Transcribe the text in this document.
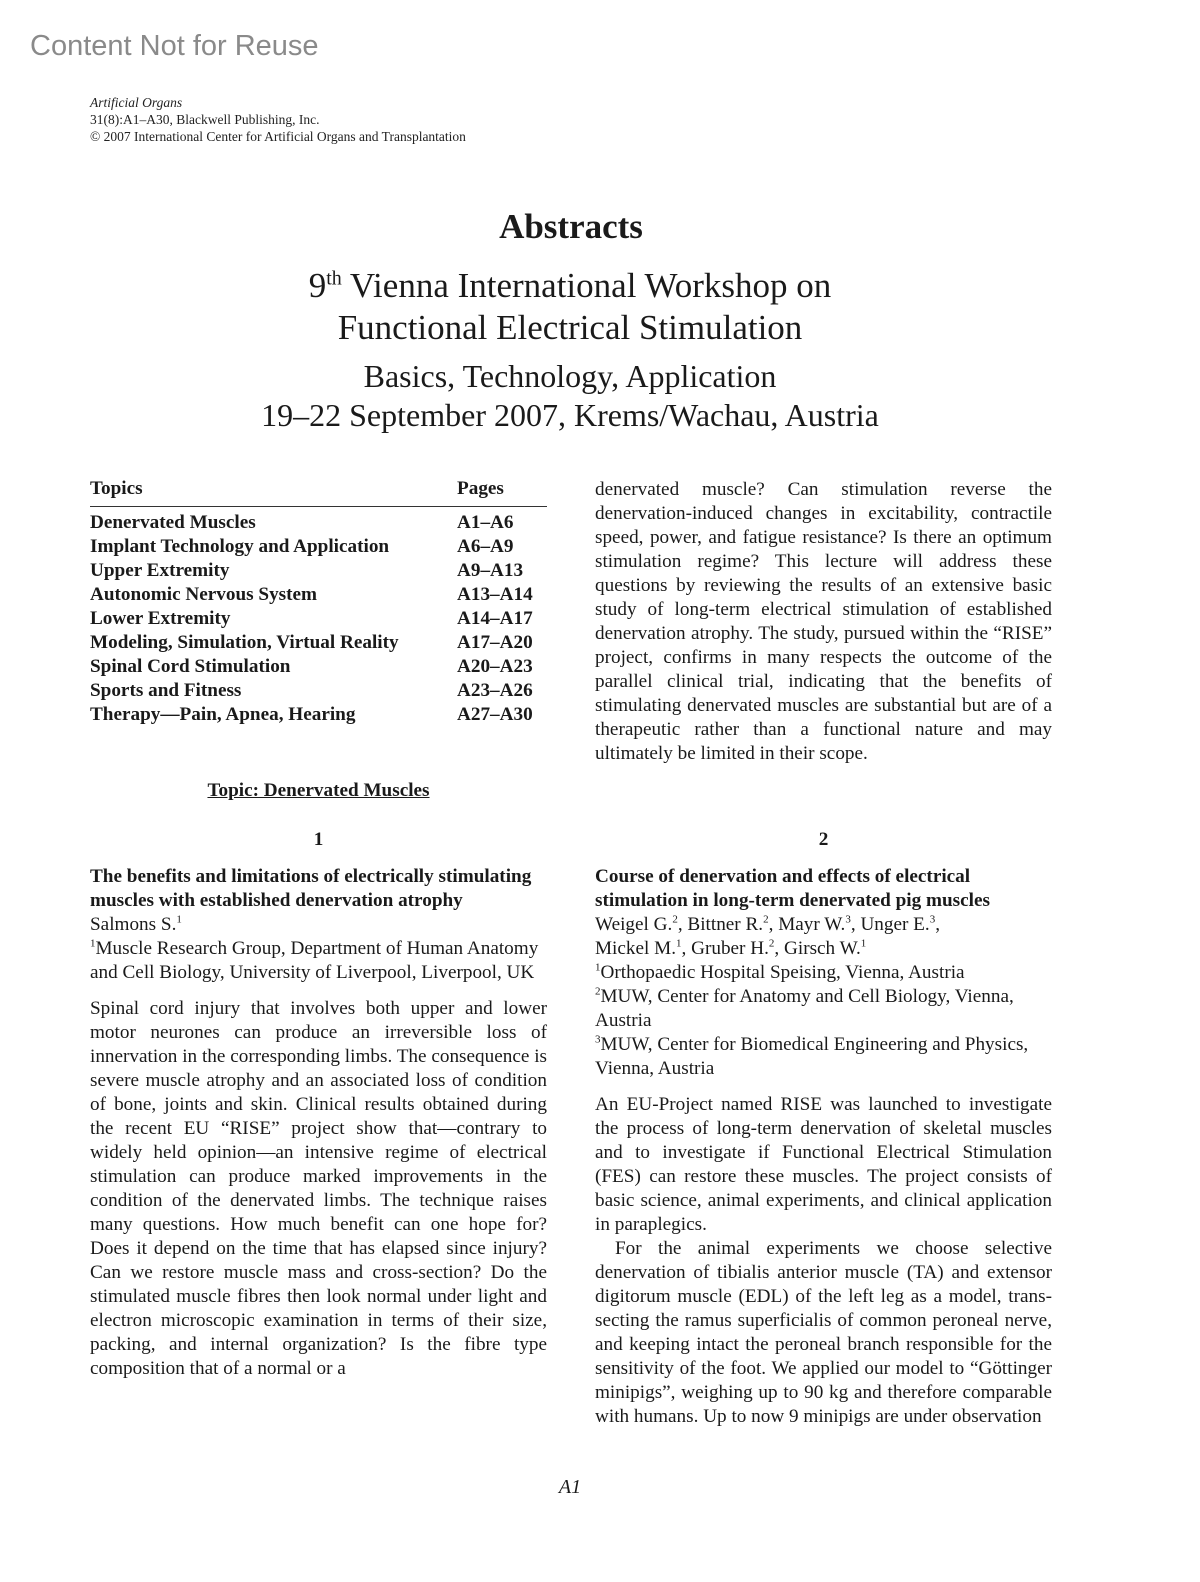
Content Not for Reuse
Artificial Organs
31(8):A1–A30, Blackwell Publishing, Inc.
© 2007 International Center for Artificial Organs and Transplantation
Abstracts
9th Vienna International Workshop on
Functional Electrical Stimulation
Basics, Technology, Application
19–22 September 2007, Krems/Wachau, Austria
Topics	Pages
Denervated Muscles	A1–A6
Implant Technology and Application	A6–A9
Upper Extremity	A9–A13
Autonomic Nervous System	A13–A14
Lower Extremity	A14–A17
Modeling, Simulation, Virtual Reality	A17–A20
Spinal Cord Stimulation	A20–A23
Sports and Fitness	A23–A26
Therapy—Pain, Apnea, Hearing	A27–A30
Topic: Denervated Muscles
denervated muscle? Can stimulation reverse the denervation-induced changes in excitability, contractile speed, power, and fatigue resistance? Is there an optimum stimulation regime? This lecture will address these questions by reviewing the results of an extensive basic study of long-term electrical stimulation of established denervation atrophy. The study, pursued within the “RISE” project, confirms in many respects the outcome of the parallel clinical trial, indicating that the benefits of stimulating denervated muscles are substantial but are of a therapeutic rather than a functional nature and may ultimately be limited in their scope.
1
The benefits and limitations of electrically stimulating muscles with established denervation atrophy
Salmons S.$^1$
$^1$Muscle Research Group, Department of Human Anatomy and Cell Biology, University of Liverpool, Liverpool, UK
Spinal cord injury that involves both upper and lower motor neurones can produce an irreversible loss of innervation in the corresponding limbs. The consequence is severe muscle atrophy and an associated loss of condition of bone, joints and skin. Clinical results obtained during the recent EU “RISE” project show that—contrary to widely held opinion—an intensive regime of electrical stimulation can produce marked improvements in the condition of the denervated limbs. The technique raises many questions. How much benefit can one hope for? Does it depend on the time that has elapsed since injury? Can we restore muscle mass and cross-section? Do the stimulated muscle fibres then look normal under light and electron microscopic examination in terms of their size, packing, and internal organization? Is the fibre type composition that of a normal or a
2
Course of denervation and effects of electrical stimulation in long-term denervated pig muscles
Weigel G.$^2$, Bittner R.$^2$, Mayr W.$^3$, Unger E.$^3$,
Mickel M.$^1$, Gruber H.$^2$, Girsch W.$^1$
$^1$Orthopaedic Hospital Speising, Vienna, Austria
$^2$MUW, Center for Anatomy and Cell Biology, Vienna, Austria
$^3$MUW, Center for Biomedical Engineering and Physics, Vienna, Austria

An EU-Project named RISE was launched to investigate the process of long-term denervation of skeletal muscles and to investigate if Functional Electrical Stimulation (FES) can restore these muscles. The project consists of basic science, animal experiments, and clinical application in paraplegics.

For the animal experiments we choose selective denervation of tibialis anterior muscle (TA) and extensor digitorum muscle (EDL) of the left leg as a model, trans-secting the ramus superficialis of common peroneal nerve, and keeping intact the peroneal branch responsible for the sensitivity of the foot. We applied our model to “Göttinger minipigs”, weighing up to 90 kg and therefore comparable with humans. Up to now 9 minipigs are under observation

A1
